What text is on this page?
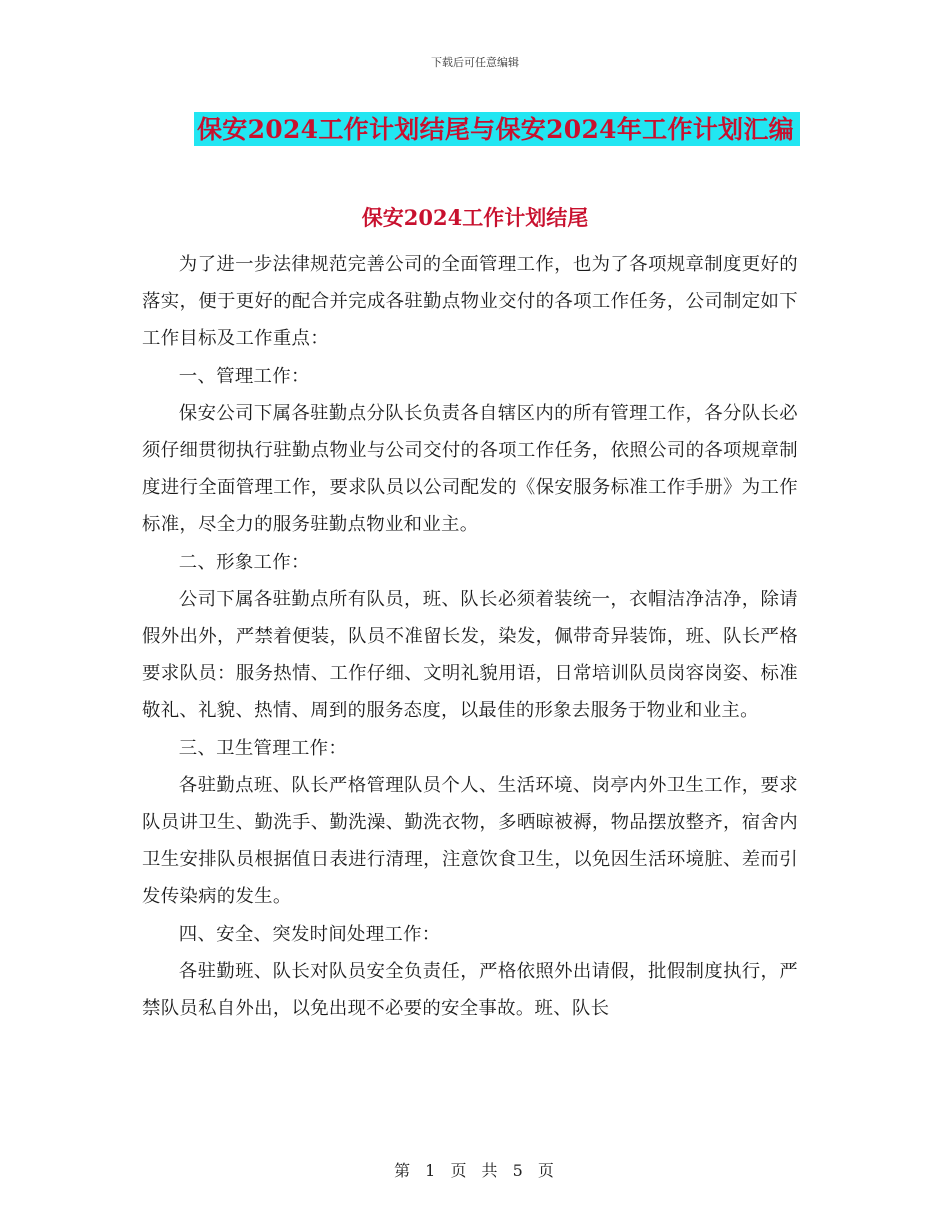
下载后可任意编辑
保安2024工作计划结尾与保安2024年工作计划汇编
保安2024工作计划结尾

为了进一步法律规范完善公司的全面管理工作，也为了各项规章制度更好的落实，便于更好的配合并完成各驻勤点物业交付的各项工作任务，公司制定如下工作目标及工作重点：

一、管理工作：

保安公司下属各驻勤点分队长负责各自辖区内的所有管理工作，各分队长必须仔细贯彻执行驻勤点物业与公司交付的各项工作任务，依照公司的各项规章制度进行全面管理工作，要求队员以公司配发的《保安服务标准工作手册》为工作标准，尽全力的服务驻勤点物业和业主。

二、形象工作：

公司下属各驻勤点所有队员，班、队长必须着装统一，衣帽洁净洁净，除请假外出外，严禁着便装，队员不准留长发，染发，佩带奇异装饰，班、队长严格要求队员：服务热情、工作仔细、文明礼貌用语，日常培训队员岗容岗姿、标准敬礼、礼貌、热情、周到的服务态度，以最佳的形象去服务于物业和业主。

三、卫生管理工作：

各驻勤点班、队长严格管理队员个人、生活环境、岗亭内外卫生工作，要求队员讲卫生、勤洗手、勤洗澡、勤洗衣物，多晒晾被褥，物品摆放整齐，宿舍内卫生安排队员根据值日表进行清理，注意饮食卫生，以免因生活环境脏、差而引发传染病的发生。

四、安全、突发时间处理工作：

各驻勤班、队长对队员安全负责任，严格依照外出请假，批假制度执行，严禁队员私自外出，以免出现不必要的安全事故。班、队长

第 1 页 共 5 页
